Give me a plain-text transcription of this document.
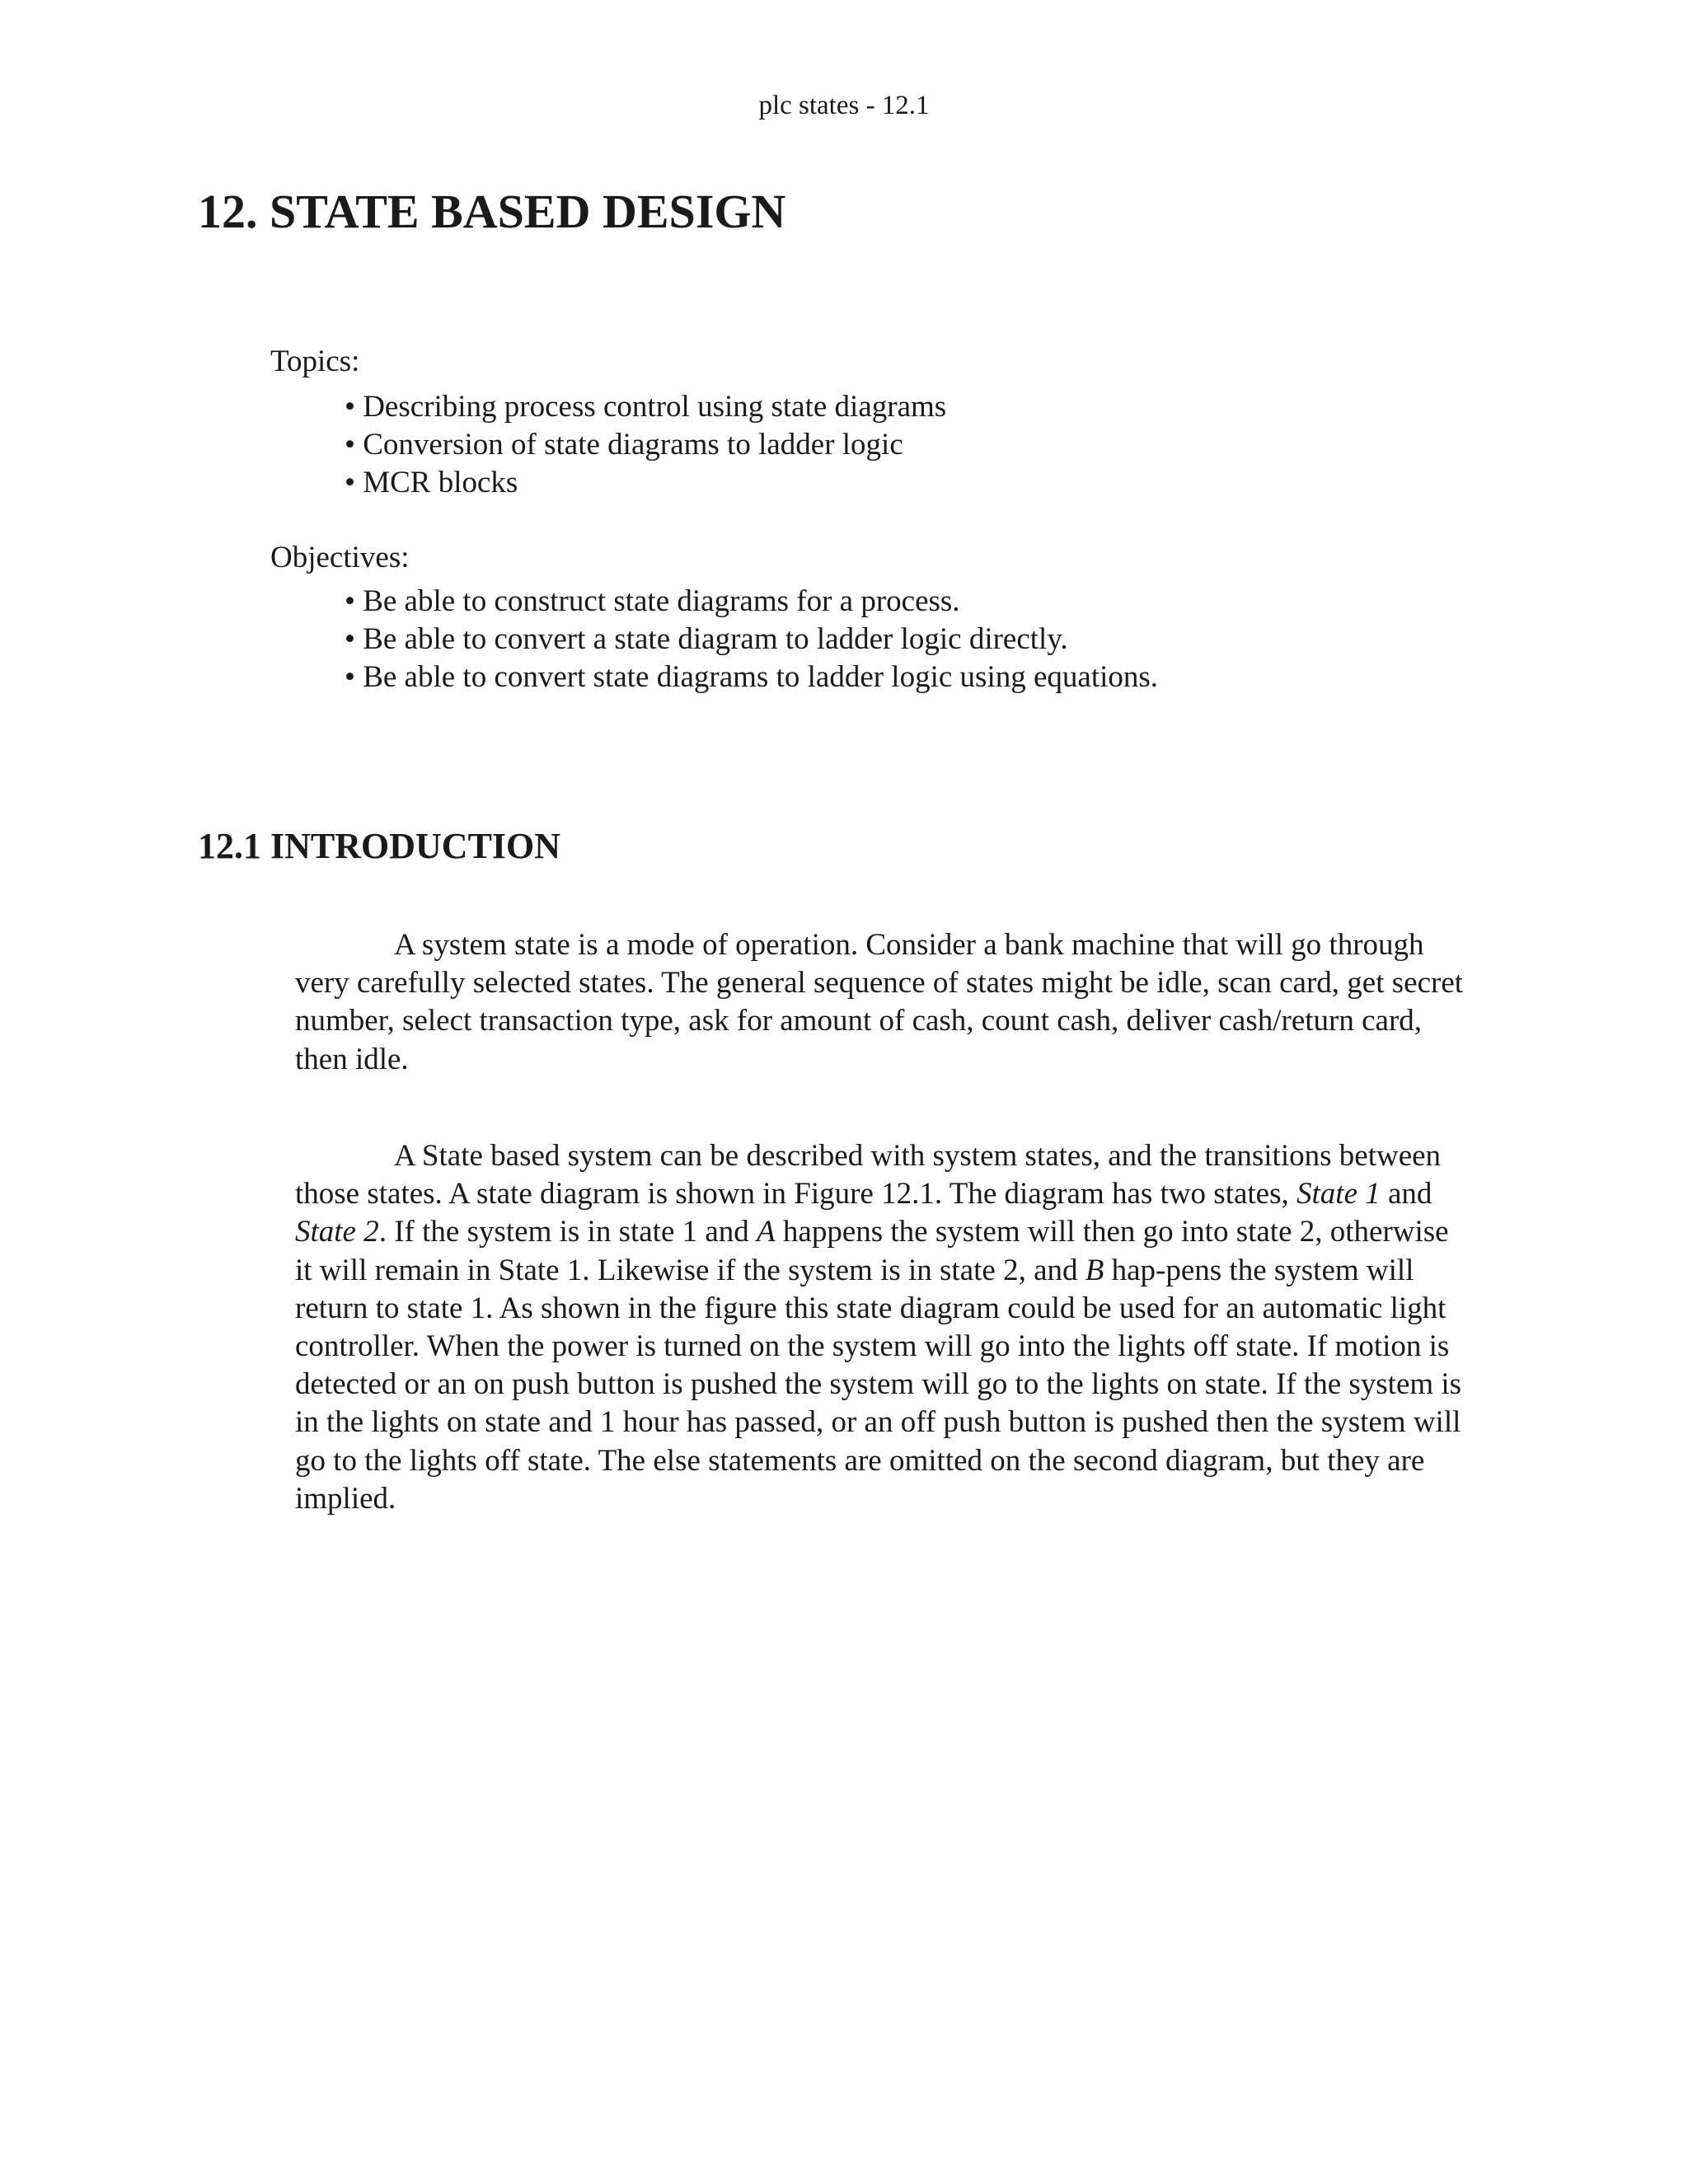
plc states - 12.1
12. STATE BASED DESIGN

Topics:

• Describing process control using state diagrams
• Conversion of state diagrams to ladder logic
• MCR blocks

Objectives:

• Be able to construct state diagrams for a process.
• Be able to convert a state diagram to ladder logic directly.
• Be able to convert state diagrams to ladder logic using equations.
12.1 INTRODUCTION

A system state is a mode of operation. Consider a bank machine that will go through very carefully selected states. The general sequence of states might be idle, scan card, get secret number, select transaction type, ask for amount of cash, count cash, deliver cash/return card, then idle.

A State based system can be described with system states, and the transitions between those states. A state diagram is shown in Figure 12.1. The diagram has two states, State 1 and State 2. If the system is in state 1 and A happens the system will then go into state 2, otherwise it will remain in State 1. Likewise if the system is in state 2, and B hap-pens the system will return to state 1. As shown in the figure this state diagram could be used for an automatic light controller. When the power is turned on the system will go into the lights off state. If motion is detected or an on push button is pushed the system will go to the lights on state. If the system is in the lights on state and 1 hour has passed, or an off push button is pushed then the system will go to the lights off state. The else statements are omitted on the second diagram, but they are implied.
